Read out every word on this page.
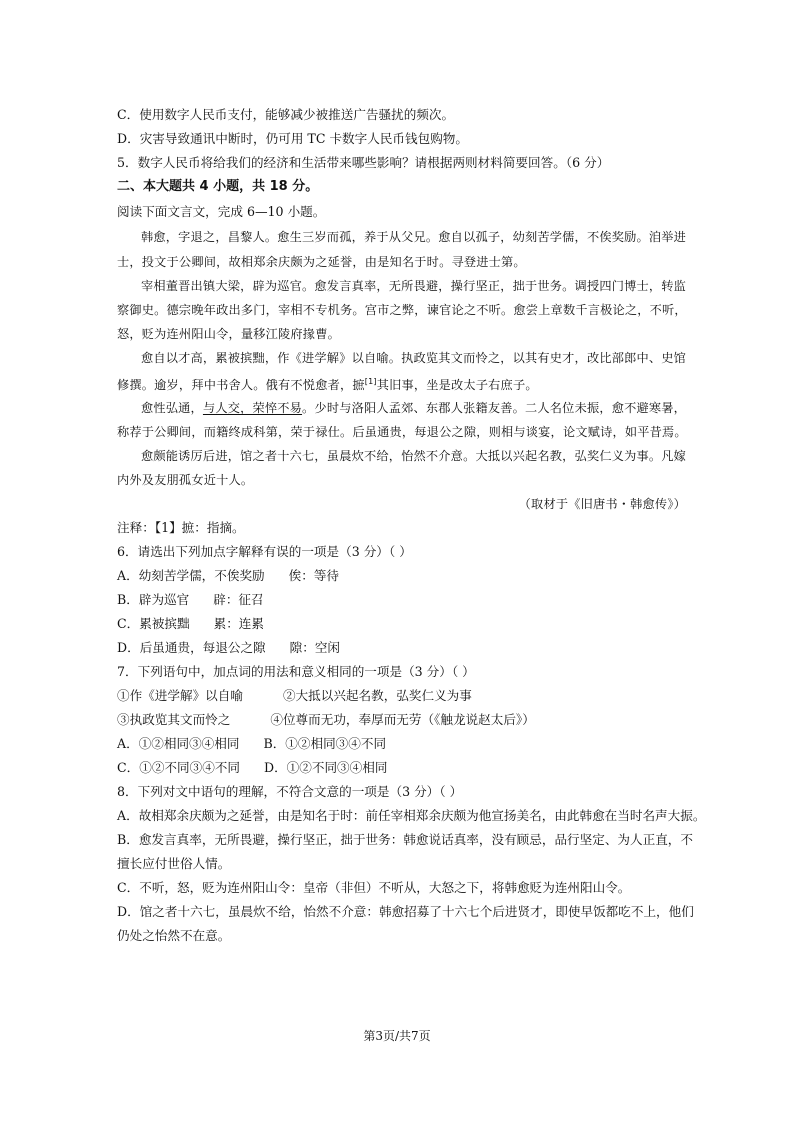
C．使用数字人民币支付，能够减少被推送广告骚扰的频次。

D．灾害导致通讯中断时，仍可用 TC 卡数字人民币钱包购物。

5．数字人民币将给我们的经济和生活带来哪些影响？请根据两则材料简要回答。（6 分）

二、本大题共 4 小题，共 18 分。

阅读下面文言文，完成 6—10 小题。

韩愈，字退之，昌黎人。愈生三岁而孤，养于从父兄。愈自以孤子，幼刻苦学儒，不俟奖励。洎举进

士，投文于公卿间，故相郑余庆颇为之延誉，由是知名于时。寻登进士第。

宰相董晋出镇大梁，辟为巡官。愈发言真率，无所畏避，操行坚正，拙于世务。调授四门博士，转监

察御史。德宗晚年政出多门，宰相不专机务。宫市之弊，谏官论之不听。愈尝上章数千言极论之，不听，

怒，贬为连州阳山令，量移江陵府掾曹。

愈自以才高，累被摈黜，作《进学解》以自喻。执政览其文而怜之，以其有史才，改比部郎中、史馆

修撰。逾岁，拜中书舍人。俄有不悦愈者，摭[1]其旧事，坐是改太子右庶子。

愈性弘通，与人交，荣悴不易。少时与洛阳人孟郊、东郡人张籍友善。二人名位未振，愈不避寒暑，

称荐于公卿间，而籍终成科第，荣于禄仕。后虽通贵，每退公之隙，则相与谈宴，论文赋诗，如平昔焉。

愈颇能诱厉后进，馆之者十六七，虽晨炊不给，怡然不介意。大抵以兴起名教，弘奖仁义为事。凡嫁

内外及友朋孤女近十人。

（取材于《旧唐书・韩愈传》）

注释：【1】摭：指摘。

6．请选出下列加点字解释有误的一项是（3 分）（ ）

A．幼刻苦学儒，不俟奖励 俟：等待

B．辟为巡官 辟：征召

C．累被摈黜 累：连累

D．后虽通贵，每退公之隙 隙：空闲

7．下列语句中，加点词的用法和意义相同的一项是（3 分）（ ）

①作《进学解》以自喻	②大抵以兴起名教，弘奖仁义为事

③执政览其文而怜之	④位尊而无功，奉厚而无劳（《触龙说赵太后》）

A．①②相同③④相同 B．①②相同③④不同

C．①②不同③④不同 D．①②不同③④相同

8．下列对文中语句的理解，不符合文意的一项是（3 分）（ ）

A．故相郑余庆颇为之延誉，由是知名于时：前任宰相郑余庆颇为他宣扬美名，由此韩愈在当时名声大振。

B．愈发言真率，无所畏避，操行坚正，拙于世务：韩愈说话真率，没有顾忌，品行坚定、为人正直，不

擅长应付世俗人情。

C．不听，怒，贬为连州阳山令：皇帝（非但）不听从，大怒之下，将韩愈贬为连州阳山令。

D．馆之者十六七，虽晨炊不给，怡然不介意：韩愈招募了十六七个后进贤才，即使早饭都吃不上，他们

仍处之怡然不在意。

第3页/共7页
